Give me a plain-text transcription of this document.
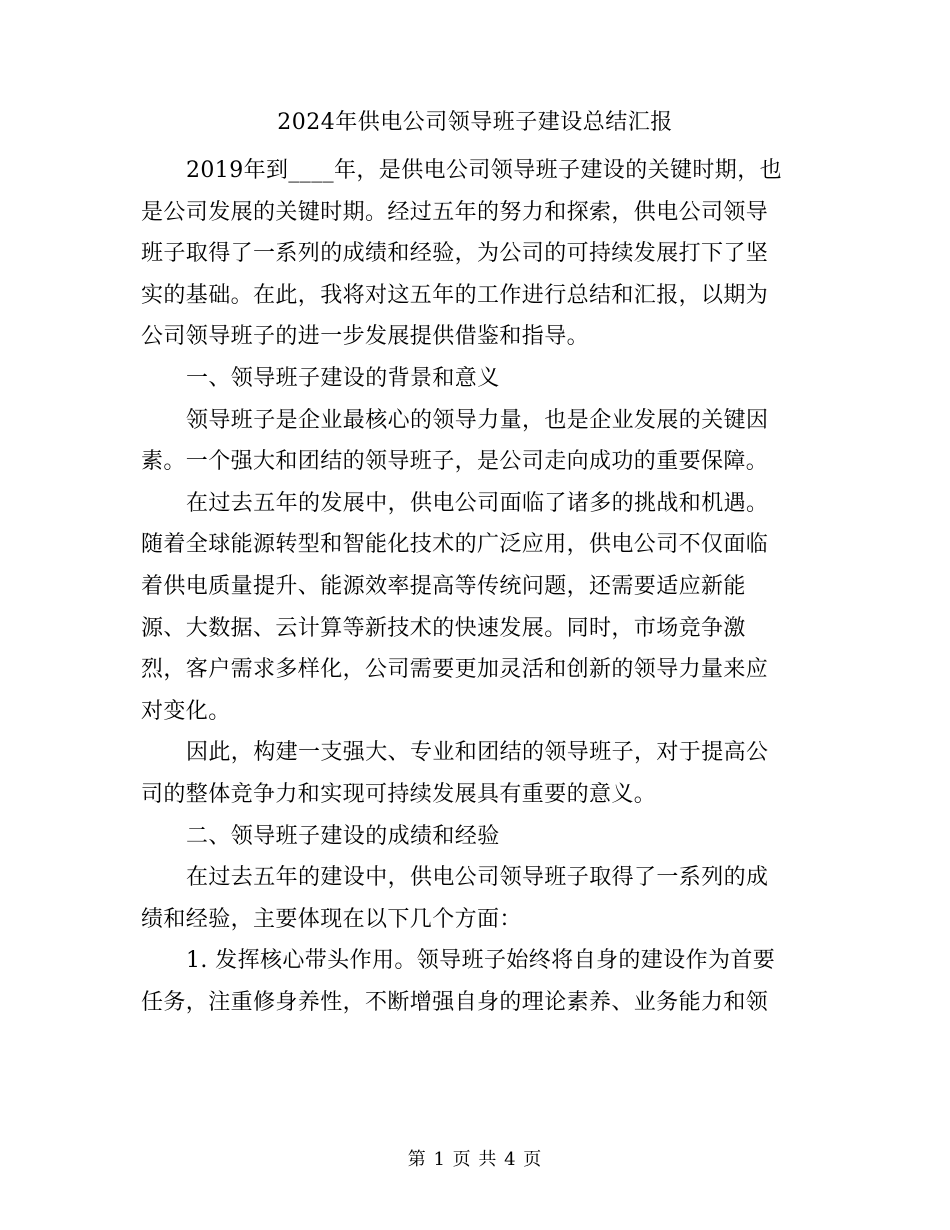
2024年供电公司领导班子建设总结汇报
2019年到____年，是供电公司领导班子建设的关键时期，也
是公司发展的关键时期。经过五年的努力和探索，供电公司领导
班子取得了一系列的成绩和经验，为公司的可持续发展打下了坚
实的基础。在此，我将对这五年的工作进行总结和汇报，以期为
公司领导班子的进一步发展提供借鉴和指导。
一、领导班子建设的背景和意义
领导班子是企业最核心的领导力量，也是企业发展的关键因
素。一个强大和团结的领导班子，是公司走向成功的重要保障。
在过去五年的发展中，供电公司面临了诸多的挑战和机遇。
随着全球能源转型和智能化技术的广泛应用，供电公司不仅面临
着供电质量提升、能源效率提高等传统问题，还需要适应新能
源、大数据、云计算等新技术的快速发展。同时，市场竞争激
烈，客户需求多样化，公司需要更加灵活和创新的领导力量来应
对变化。
因此，构建一支强大、专业和团结的领导班子，对于提高公
司的整体竞争力和实现可持续发展具有重要的意义。
二、领导班子建设的成绩和经验
在过去五年的建设中，供电公司领导班子取得了一系列的成
绩和经验，主要体现在以下几个方面：
1. 发挥核心带头作用。领导班子始终将自身的建设作为首要
任务，注重修身养性，不断增强自身的理论素养、业务能力和领
第 1 页 共 4 页
